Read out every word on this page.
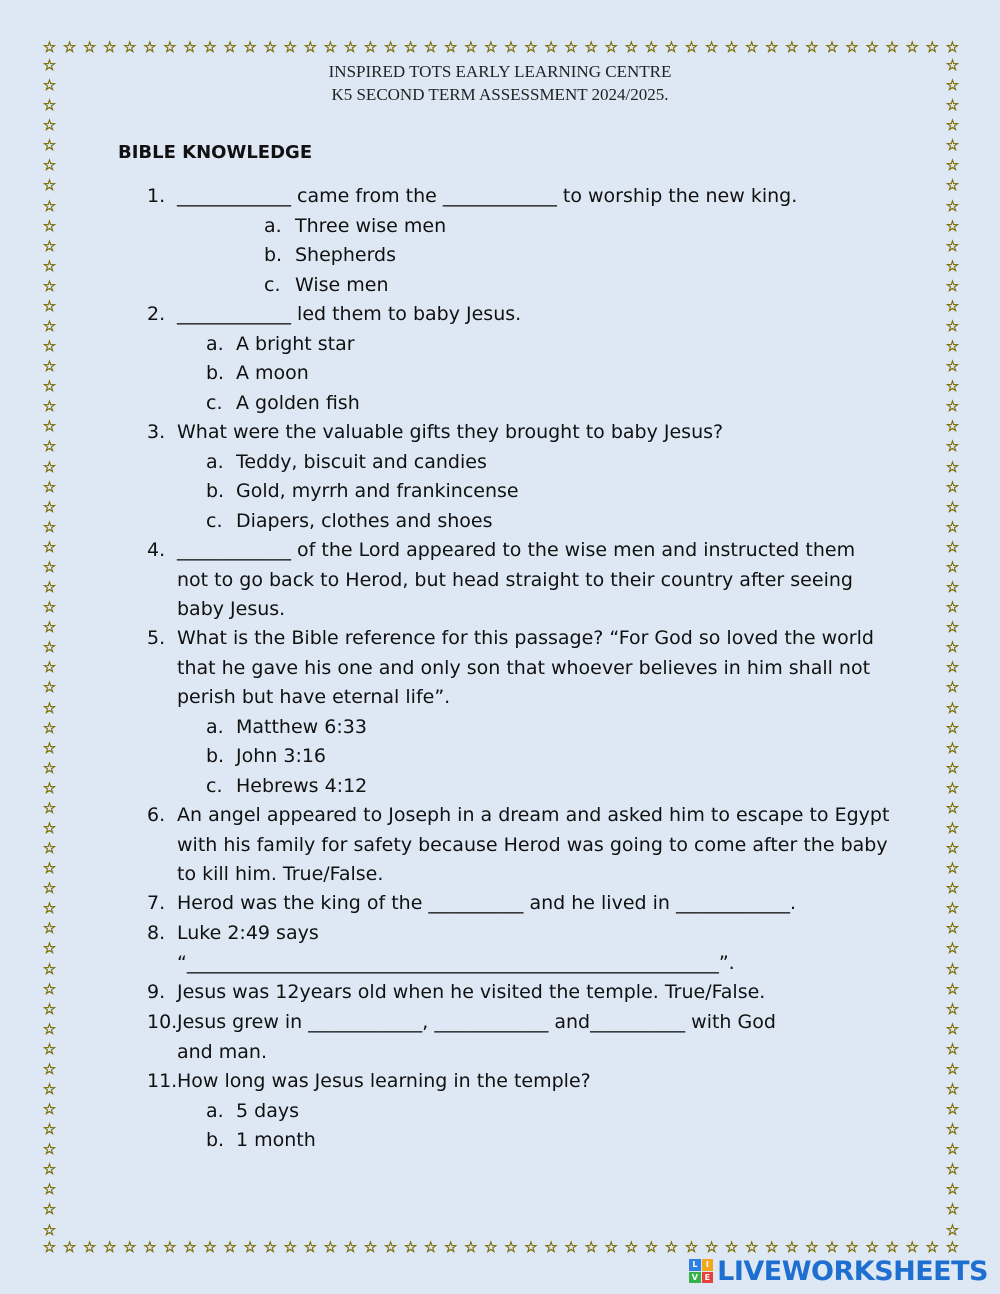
☆ ☆ ☆ ☆ ☆ ☆ ☆ ☆ ☆ ☆ ☆ ☆ ☆ ☆ ☆ ☆ ☆ ☆ ☆ ☆ ☆ ☆ ☆ ☆ ☆ ☆ ☆ ☆ ☆ ☆ ☆ ☆ ☆ ☆ ☆ ☆ ☆ ☆ ☆ ☆ ☆ ☆ ☆ ☆ ☆ ☆
☆ ☆ ☆ ☆ ☆ ☆ ☆ ☆ ☆ ☆ ☆ ☆ ☆ ☆ ☆ ☆ ☆ ☆ ☆ ☆ ☆ ☆ ☆ ☆ ☆ ☆ ☆ ☆ ☆ ☆ ☆ ☆ ☆ ☆ ☆ ☆ ☆ ☆ ☆ ☆ ☆ ☆ ☆ ☆ ☆ ☆
☆
☆
☆
☆
☆
☆
☆
☆
☆
☆
☆
☆
☆
☆
☆
☆
☆
☆
☆
☆
☆
☆
☆
☆
☆
☆
☆
☆
☆
☆
☆
☆
☆
☆
☆
☆
☆
☆
☆
☆
☆
☆
☆
☆
☆
☆
☆
☆
☆
☆
☆
☆
☆
☆
☆
☆
☆
☆
☆
☆
☆
☆
☆
☆
☆
☆
☆
☆
☆
☆
☆
☆
☆
☆
☆
☆
☆
☆
☆
☆
☆
☆
☆
☆
☆
☆
☆
☆
☆
☆
☆
☆
☆
☆
☆
☆
☆
☆
☆
☆
☆
☆
☆
☆
☆
☆
☆
☆
☆
☆
☆
☆
☆
☆
☆
☆
☆
☆
INSPIRED TOTS EARLY LEARNING CENTRE
K5 SECOND TERM ASSESSMENT 2024/2025.
BIBLE KNOWLEDGE
1. ____________ came from the ____________ to worship the new king.
2. ____________ led them to baby Jesus.
3. What were the valuable gifts they brought to baby Jesus?
4. ____________ of the Lord appeared to the wise men and instructed them
not to go back to Herod, but head straight to their country after seeing
baby Jesus.
5. What is the Bible reference for this passage? “For God so loved the world
that he gave his one and only son that whoever believes in him shall not
perish but have eternal life”.
6. An angel appeared to Joseph in a dream and asked him to escape to Egypt
with his family for safety because Herod was going to come after the baby
to kill him. True/False.
7. Herod was the king of the __________ and he lived in ____________.
8. Luke 2:49 says
“________________________________________________________”.
9. Jesus was 12years old when he visited the temple. True/False.
10. Jesus grew in ____________, ____________ and__________ with God
and man.
11. How long was Jesus learning in the temple?
a. Three wise men
b. Shepherds
c. Wise men
a. A bright star
b. A moon
c. A golden fish
a. Teddy, biscuit and candies
b. Gold, myrrh and frankincense
c. Diapers, clothes and shoes
a. Matthew 6:33
b. John 3:16
c. Hebrews 4:12
a. 5 days
b. 1 month
L	I
V E LIVEWORKSHEETS
